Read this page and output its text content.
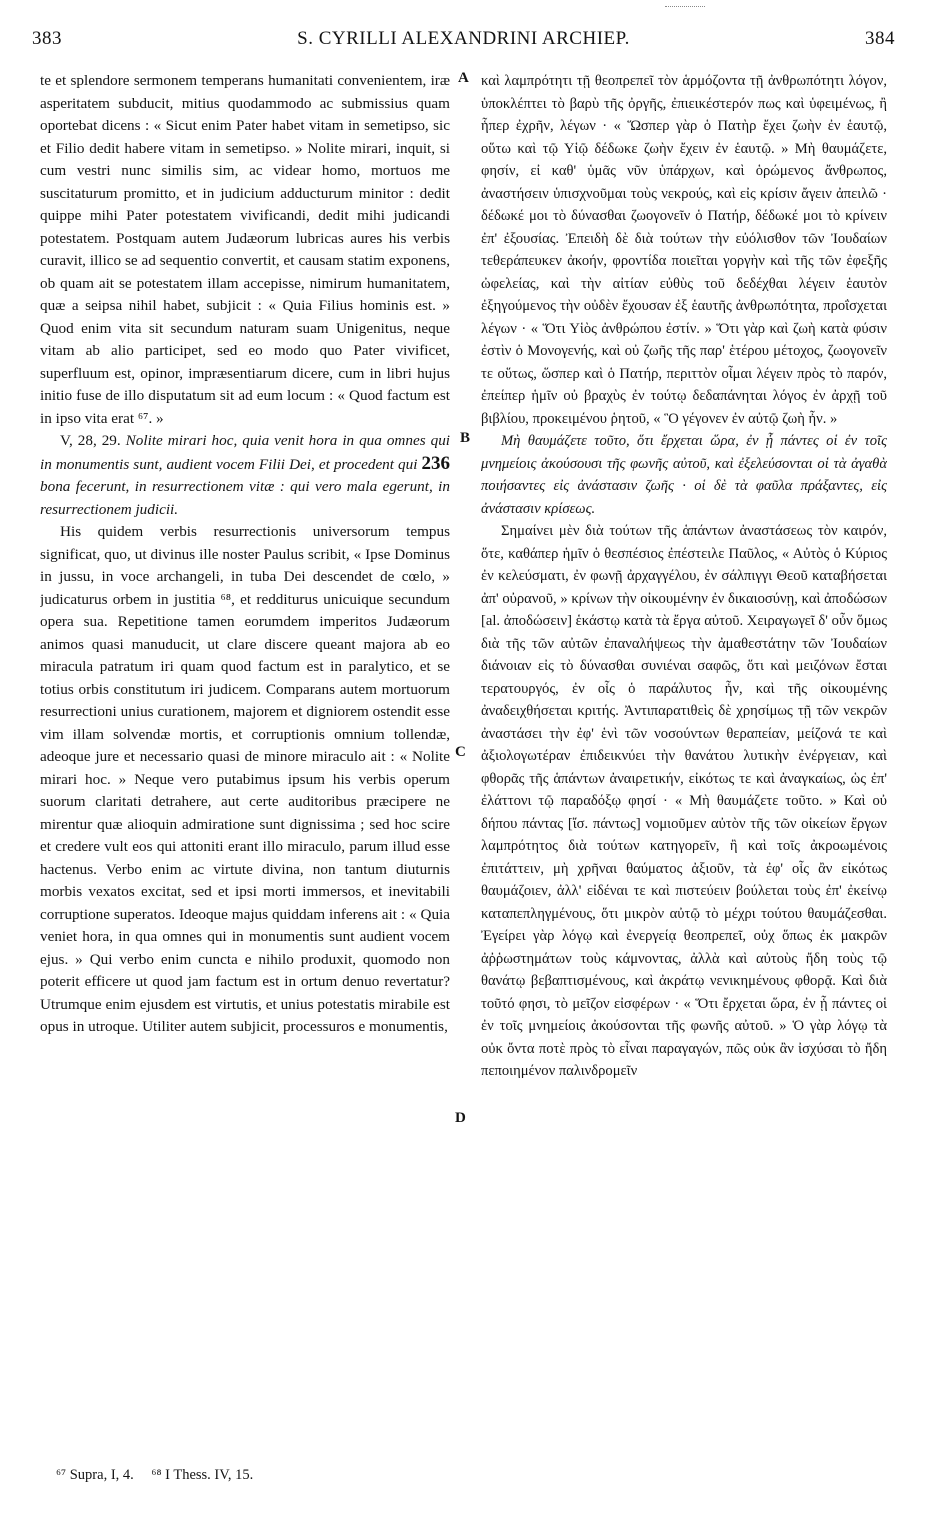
383	S. CYRILLI ALEXANDRINI ARCHIEP.	384

te et splendore sermonem temperans humanitati convenientem, iræ asperitatem subducit, mitius quodammodo ac submissius quam oportebat dicens : « Sicut enim Pater habet vitam in semetipso, sic et Filio dedit habere vitam in semetipso. » Nolite mirari, inquit, si cum vestri nunc similis sim, ac videar homo, mortuos me suscitaturum promitto, et in judicium adducturum minitor : dedit quippe mihi Pater potestatem vivificandi, dedit mihi judicandi potestatem. Postquam autem Judæorum lubricas aures his verbis curavit, illico se ad sequentio convertit, et causam statim exponens, ob quam ait se potestatem illam accepisse, nimirum humanitatem, quæ a seipsa nihil habet, subjicit : « Quia Filius hominis est. » Quod enim vita sit secundum naturam suam Unigenitus, neque vitam ab alio participet, sed eo modo quo Pater vivificet, superfluum est, opinor, impræsentiarum dicere, cum in libri hujus initio fuse de illo disputatum sit ad eum locum : « Quod factum est in ipso vita erat ⁶⁷. »

V, 28, 29. Nolite mirari hoc, quia venit hora in qua omnes qui in monumentis sunt, audient vocem Filii Dei, et procedent qui 236 bona fecerunt, in resurrectionem vitæ : qui vero mala egerunt, in resurrectionem judicii.

His quidem verbis resurrectionis universorum tempus significat, quo, ut divinus ille noster Paulus scribit, « Ipse Dominus in jussu, in voce archangeli, in tuba Dei descendet de cœlo, » judicaturus orbem in justitia ⁶⁸, et redditurus unicuique secundum opera sua. Repetitione tamen eorumdem imperitos Judæorum animos quasi manuducit, ut clare discere queant majora ab eo miracula patratum iri quam quod factum est in paralytico, et se totius orbis constitutum iri judicem. Comparans autem mortuorum resurrectioni unius curationem, majorem et digniorem ostendit esse vim illam solvendæ mortis, et corruptionis omnium tollendæ, adeoque jure et necessario quasi de minore miraculo ait : « Nolite mirari hoc. » Neque vero putabimus ipsum his verbis operum suorum claritati detrahere, aut certe auditoribus præcipere ne mirentur quæ alioquin admiratione sunt dignissima ; sed hoc scire et credere vult eos qui attoniti erant illo miraculo, parum illud esse hactenus. Verbo enim ac virtute divina, non tantum diuturnis morbis vexatos excitat, sed et ipsi morti immersos, et inevitabili corruptione superatos. Ideoque majus quiddam inferens ait : « Quia veniet hora, in qua omnes qui in monumentis sunt audient vocem ejus. » Qui verbo enim cuncta e nihilo produxit, quomodo non poterit efficere ut quod jam factum est in ortum denuo revertatur? Utrumque enim ejusdem est virtutis, et unius potestatis mirabile est opus in utroque. Utiliter autem subjicit, processuros e monumentis,

καὶ λαμπρότητι τῇ θεοπρεπεῖ τὸν ἁρμόζοντα τῇ ἀνθρωπότητι λόγον, ὑποκλέπτει τὸ βαρὺ τῆς ὀργῆς, ἐπιεικέστερόν πως καὶ ὑφειμένως, ἢ ἧπερ ἐχρῆν, λέγων · « Ὥσπερ γὰρ ὁ Πατὴρ ἔχει ζωὴν ἐν ἑαυτῷ, οὕτω καὶ τῷ Υἱῷ δέδωκε ζωὴν ἔχειν ἐν ἑαυτῷ. » Μὴ θαυμάζετε, φησίν, εἰ καθ' ὑμᾶς νῦν ὑπάρχων, καὶ ὁρώμενος ἄνθρωπος, ἀναστήσειν ὑπισχνοῦμαι τοὺς νεκρούς, καὶ εἰς κρίσιν ἄγειν ἀπειλῶ · δέδωκέ μοι τὸ δύνασθαι ζωογονεῖν ὁ Πατήρ, δέδωκέ μοι τὸ κρίνειν ἐπ' ἐξουσίας. Ἐπειδὴ δὲ διὰ τούτων τὴν εὐόλισθον τῶν Ἰουδαίων τεθεράπευκεν ἀκοήν, φροντίδα ποιεῖται γοργὴν καὶ τῆς τῶν ἐφεξῆς ὠφελείας, καὶ τὴν αἰτίαν εὐθὺς τοῦ δεδέχθαι λέγειν ἑαυτὸν ἐξηγούμενος τὴν οὐδὲν ἔχουσαν ἐξ ἑαυτῆς ἀνθρωπότητα, προΐσχεται λέγων · « Ὅτι Υἱὸς ἀνθρώπου ἐστίν. » Ὅτι γὰρ καὶ ζωὴ κατὰ φύσιν ἐστὶν ὁ Μονογενής, καὶ οὐ ζωῆς τῆς παρ' ἑτέρου μέτοχος, ζωογονεῖν τε οὕτως, ὥσπερ καὶ ὁ Πατήρ, περιττὸν οἶμαι λέγειν πρὸς τὸ παρόν, ἐπείπερ ἡμῖν οὐ βραχὺς ἐν τούτῳ δεδαπάνηται λόγος ἐν ἀρχῇ τοῦ βιβλίου, προκειμένου ῥητοῦ, « Ὃ γέγονεν ἐν αὐτῷ ζωὴ ἦν. »

Μὴ θαυμάζετε τοῦτο, ὅτι ἔρχεται ὥρα, ἐν ᾗ πάντες οἱ ἐν τοῖς μνημείοις ἀκούσουσι τῆς φωνῆς αὐτοῦ, καὶ ἐξελεύσονται οἱ τὰ ἀγαθὰ ποιήσαντες εἰς ἀνάστασιν ζωῆς · οἱ δὲ τὰ φαῦλα πράξαντες, εἰς ἀνάστασιν κρίσεως.

Σημαίνει μὲν διὰ τούτων τῆς ἁπάντων ἀναστάσεως τὸν καιρόν, ὅτε, καθάπερ ἡμῖν ὁ θεσπέσιος ἐπέστειλε Παῦλος, « Αὐτὸς ὁ Κύριος ἐν κελεύσματι, ἐν φωνῇ ἀρχαγγέλου, ἐν σάλπιγγι Θεοῦ καταβήσεται ἀπ' οὐρανοῦ, » κρίνων τὴν οἰκουμένην ἐν δικαιοσύνῃ, καὶ ἀποδώσων [al. ἀποδώσειν] ἑκάστῳ κατὰ τὰ ἔργα αὐτοῦ. Χειραγωγεῖ δ' οὖν ὅμως διὰ τῆς τῶν αὐτῶν ἐπαναλήψεως τὴν ἀμαθεστάτην τῶν Ἰουδαίων διάνοιαν εἰς τὸ δύνασθαι συνιέναι σαφῶς, ὅτι καὶ μειζόνων ἔσται τερατουργός, ἐν οἷς ὁ παράλυτος ἦν, καὶ τῆς οἰκουμένης ἀναδειχθήσεται κριτής. Ἀντιπαρατιθεὶς δὲ χρησίμως τῇ τῶν νεκρῶν ἀναστάσει τὴν ἐφ' ἑνὶ τῶν νοσούντων θεραπείαν, μείζονά τε καὶ ἀξιολογωτέραν ἐπιδεικνύει τὴν θανάτου λυτικὴν ἐνέργειαν, καὶ φθορᾶς τῆς ἁπάντων ἀναιρετικήν, εἰκότως τε καὶ ἀναγκαίως, ὡς ἐπ' ἐλάττονι τῷ παραδόξῳ φησί · « Μὴ θαυμάζετε τοῦτο. » Καὶ οὐ δήπου πάντας [ἴσ. πάντως] νομιοῦμεν αὐτὸν τῆς τῶν οἰκείων ἔργων λαμπρότητος διὰ τούτων κατηγορεῖν, ἢ καὶ τοῖς ἀκροωμένοις ἐπιτάττειν, μὴ χρῆναι θαύματος ἀξιοῦν, τὰ ἐφ' οἷς ἂν εἰκότως θαυμάζοιεν, ἀλλ' εἰδέναι τε καὶ πιστεύειν βούλεται τοὺς ἐπ' ἐκείνῳ καταπεπληγμένους, ὅτι μικρὸν αὐτῷ τὸ μέχρι τούτου θαυμάζεσθαι. Ἐγείρει γὰρ λόγῳ καὶ ἐνεργείᾳ θεοπρεπεῖ, οὐχ ὅπως ἐκ μακρῶν ἀῤῥωστημάτων τοὺς κάμνοντας, ἀλλὰ καὶ αὐτοὺς ἤδη τοὺς τῷ θανάτῳ βεβαπτισμένους, καὶ ἀκράτῳ νενικημένους φθορᾷ. Καὶ διὰ τοῦτό φησι, τὸ μεῖζον εἰσφέρων · « Ὅτι ἔρχεται ὥρα, ἐν ᾗ πάντες οἱ ἐν τοῖς μνημείοις ἀκούσονται τῆς φωνῆς αὐτοῦ. » Ὁ γὰρ λόγῳ τὰ οὐκ ὄντα ποτὲ πρὸς τὸ εἶναι παραγαγών, πῶς οὐκ ἂν ἰσχύσαι τὸ ἤδη πεποιημένον παλινδρομεῖν

A
B
C
D
⁶⁷ Supra, I, 4. ⁶⁸ I Thess. IV, 15.
